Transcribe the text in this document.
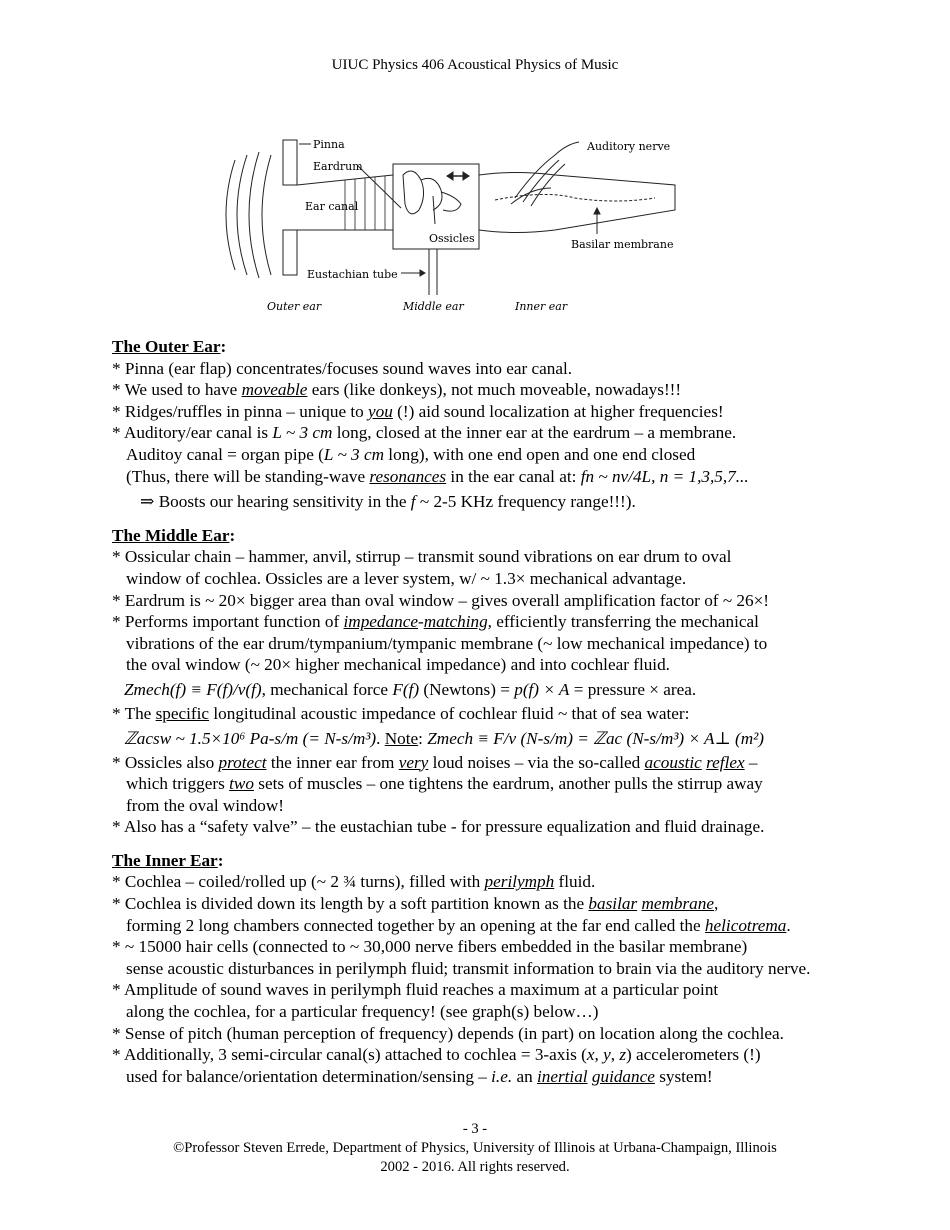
UIUC Physics 406 Acoustical Physics of Music
Pinna
Eardrum
Ear canal
Ossicles
Eustachian tube
Auditory nerve
Basilar membrane
Outer ear	Middle ear	Inner ear
The Outer Ear:
* Pinna (ear flap) concentrates/focuses sound waves into ear canal.
* We used to have moveable ears (like donkeys), not much moveable, nowadays!!!
* Ridges/ruffles in pinna – unique to you (!) aid sound localization at higher frequencies!
* Auditory/ear canal is L ~ 3 cm long, closed at the inner ear at the eardrum – a membrane.
Auditoy canal = organ pipe (L ~ 3 cm long), with one end open and one end closed
(Thus, there will be standing-wave resonances in the ear canal at: fn ~ nv/4L, n = 1,3,5,7...
⇒ Boosts our hearing sensitivity in the f ~ 2-5 KHz frequency range!!!).
The Middle Ear:
* Ossicular chain – hammer, anvil, stirrup – transmit sound vibrations on ear drum to oval
window of cochlea. Ossicles are a lever system, w/ ~ 1.3× mechanical advantage.
* Eardrum is ~ 20× bigger area than oval window – gives overall amplification factor of ~ 26×!
* Performs important function of impedance-matching, efficiently transferring the mechanical
vibrations of the ear drum/tympanium/tympanic membrane (~ low mechanical impedance) to
the oval window (~ 20× higher mechanical impedance) and into cochlear fluid.
Zmech(f) ≡ F(f)/v(f), mechanical force F(f) (Newtons) = p(f) × A = pressure × area.
* The specific longitudinal acoustic impedance of cochlear fluid ~ that of sea water:
ℤacsw ~ 1.5×10⁶ Pa-s/m (= N-s/m³). Note: Zmech ≡ F/v (N-s/m) = ℤac (N-s/m³) × A⊥ (m²)
* Ossicles also protect the inner ear from very loud noises – via the so-called acoustic reflex –
which triggers two sets of muscles – one tightens the eardrum, another pulls the stirrup away
from the oval window!
* Also has a “safety valve” – the eustachian tube - for pressure equalization and fluid drainage.
The Inner Ear:
* Cochlea – coiled/rolled up (~ 2 ¾ turns), filled with perilymph fluid.
* Cochlea is divided down its length by a soft partition known as the basilar membrane,
forming 2 long chambers connected together by an opening at the far end called the helicotrema.
* ~ 15000 hair cells (connected to ~ 30,000 nerve fibers embedded in the basilar membrane)
sense acoustic disturbances in perilymph fluid; transmit information to brain via the auditory nerve.
* Amplitude of sound waves in perilymph fluid reaches a maximum at a particular point
along the cochlea, for a particular frequency! (see graph(s) below…)
* Sense of pitch (human perception of frequency) depends (in part) on location along the cochlea.
* Additionally, 3 semi-circular canal(s) attached to cochlea = 3-axis (x, y, z) accelerometers (!)
used for balance/orientation determination/sensing – i.e. an inertial guidance system!
- 3 -
©Professor Steven Errede, Department of Physics, University of Illinois at Urbana-Champaign, Illinois
2002 - 2016. All rights reserved.
